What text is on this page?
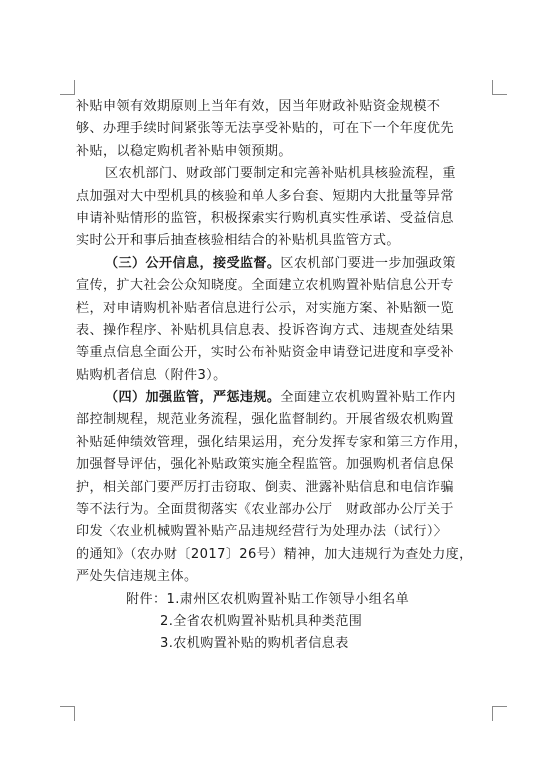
补贴申领有效期原则上当年有效，因当年财政补贴资金规模不
够、办理手续时间紧张等无法享受补贴的，可在下一个年度优先
补贴，以稳定购机者补贴申领预期。
区农机部门、财政部门要制定和完善补贴机具核验流程，重
点加强对大中型机具的核验和单人多台套、短期内大批量等异常
申请补贴情形的监管，积极探索实行购机真实性承诺、受益信息
实时公开和事后抽查核验相结合的补贴机具监管方式。
（三）公开信息，接受监督。区农机部门要进一步加强政策
宣传，扩大社会公众知晓度。全面建立农机购置补贴信息公开专
栏，对申请购机补贴者信息进行公示，对实施方案、补贴额一览
表、操作程序、补贴机具信息表、投诉咨询方式、违规查处结果
等重点信息全面公开，实时公布补贴资金申请登记进度和享受补
贴购机者信息（附件3）。
（四）加强监管，严惩违规。全面建立农机购置补贴工作内
部控制规程，规范业务流程，强化监督制约。开展省级农机购置
补贴延伸绩效管理，强化结果运用，充分发挥专家和第三方作用，
加强督导评估，强化补贴政策实施全程监管。加强购机者信息保
护，相关部门要严厉打击窃取、倒卖、泄露补贴信息和电信诈骗
等不法行为。全面贯彻落实《农业部办公厅　财政部办公厅关于
印发〈农业机械购置补贴产品违规经营行为处理办法（试行）〉
的通知》（农办财〔2017〕26号）精神，加大违规行为查处力度，
严处失信违规主体。
附件：1.肃州区农机购置补贴工作领导小组名单
2.全省农机购置补贴机具种类范围
3.农机购置补贴的购机者信息表
